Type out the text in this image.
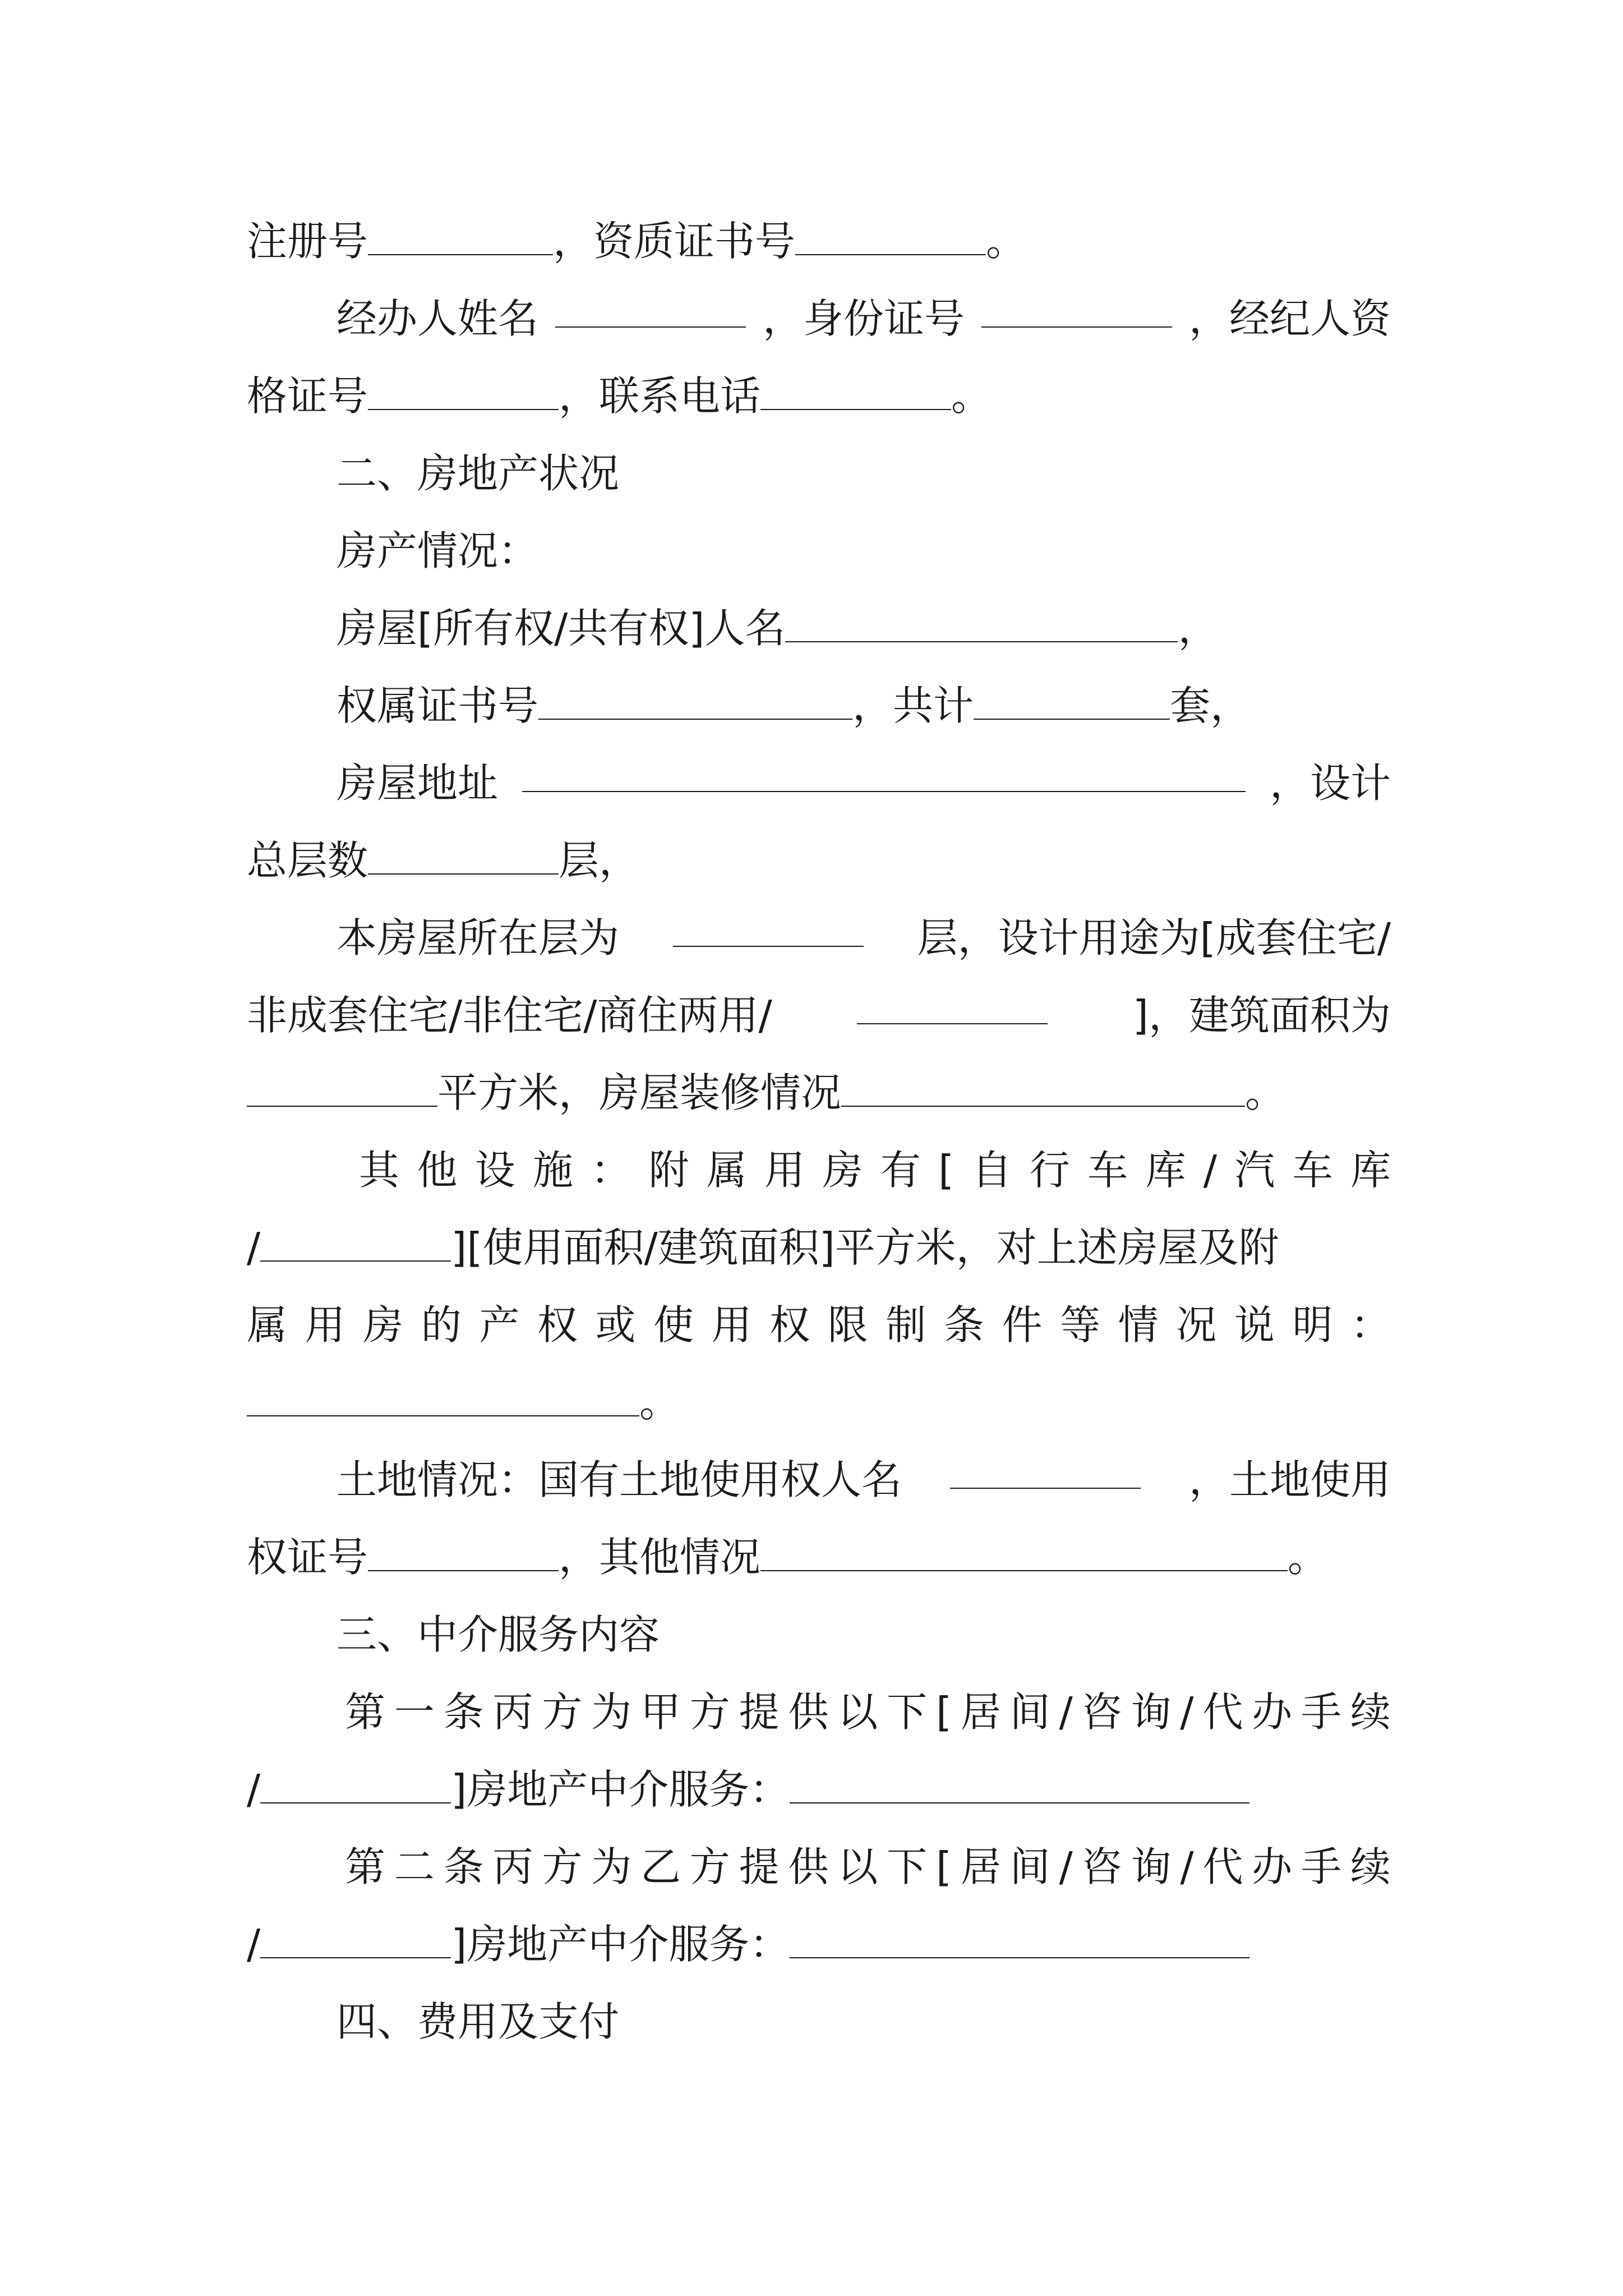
注册号	，资质证书号	。
经办人姓名	，身份证号	，经纪人资
格证号	，联系电话	。
二、房地产状况
房产情况：
房屋[所有权/共有权]人名	，
权属证书号	，共计	套，
房屋地址	，设计
总层数	层，
本房屋所在层为	层，设计用途为[成套住宅/
非成套住宅/非住宅/商住两用/	]，建筑面积为
平方米，房屋装修情况	。
其 他 设 施 ： 附 属 用 房 有 [ 自 行 车 库 / 汽 车 库
/	][使用面积/建筑面积]平方米，对上述房屋及附
属 用 房 的 产 权 或 使 用 权 限 制 条 件 等 情 况 说 明 ：
。
土地情况：国有土地使用权人名	，土地使用
权证号	，其他情况	。
三、中介服务内容
第 一 条 丙 方 为 甲 方 提 供 以 下 [ 居 间 / 咨 询 / 代 办 手 续
/	]房地产中介服务：
第 二 条 丙 方 为 乙 方 提 供 以 下 [ 居 间 / 咨 询 / 代 办 手 续
/	]房地产中介服务：
四、费用及支付
